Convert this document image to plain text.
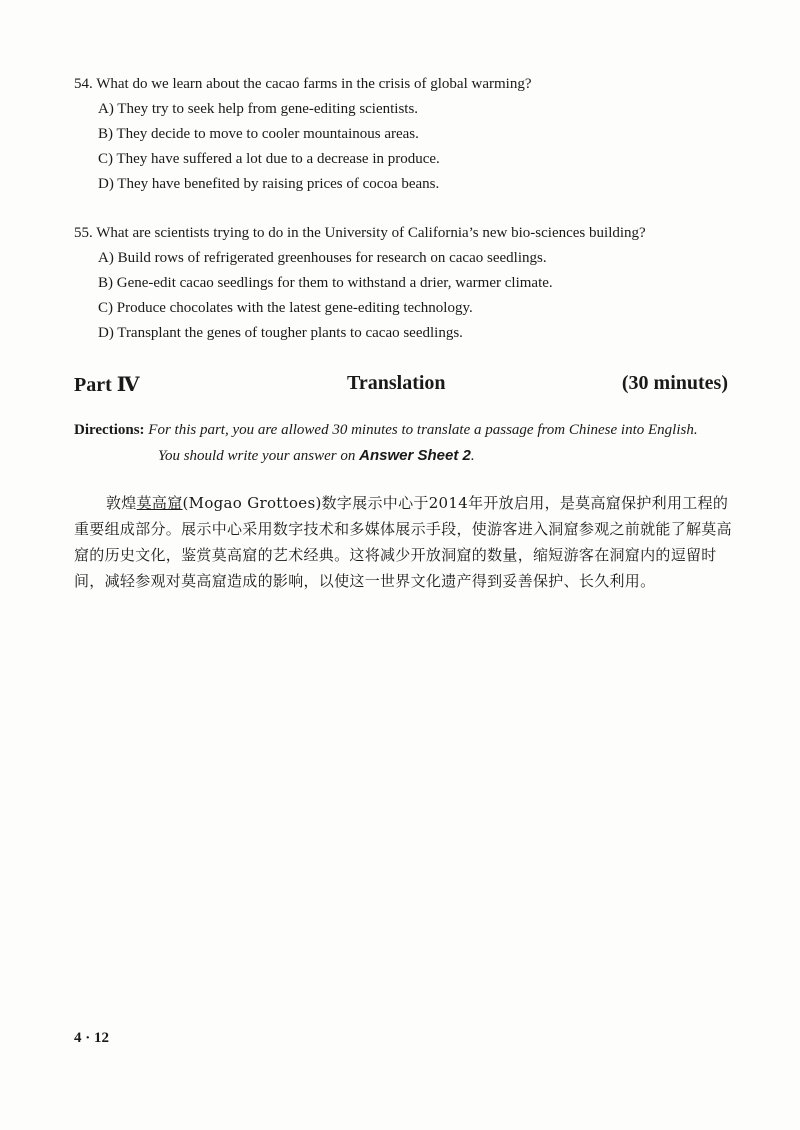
54. What do we learn about the cacao farms in the crisis of global warming?
A) They try to seek help from gene-editing scientists.
B) They decide to move to cooler mountainous areas.
C) They have suffered a lot due to a decrease in produce.
D) They have benefited by raising prices of cocoa beans.
55. What are scientists trying to do in the University of California’s new bio-sciences building?
A) Build rows of refrigerated greenhouses for research on cacao seedlings.
B) Gene-edit cacao seedlings for them to withstand a drier, warmer climate.
C) Produce chocolates with the latest gene-editing technology.
D) Transplant the genes of tougher plants to cacao seedlings.
Part Ⅳ	Translation	(30 minutes)
Directions: For this part, you are allowed 30 minutes to translate a passage from Chinese into English.
You should write your answer on Answer Sheet 2.
敦煌莫高窟(Mogao Grottoes)数字展示中心于2014年开放启用，是莫高窟保护利用工程的重要组成部分。展示中心采用数字技术和多媒体展示手段，使游客进入洞窟参观之前就能了解莫高窟的历史文化，鉴赏莫高窟的艺术经典。这将减少开放洞窟的数量，缩短游客在洞窟内的逗留时间，减轻参观对莫高窟造成的影响，以使这一世界文化遗产得到妥善保护、长久利用。
4 · 12
